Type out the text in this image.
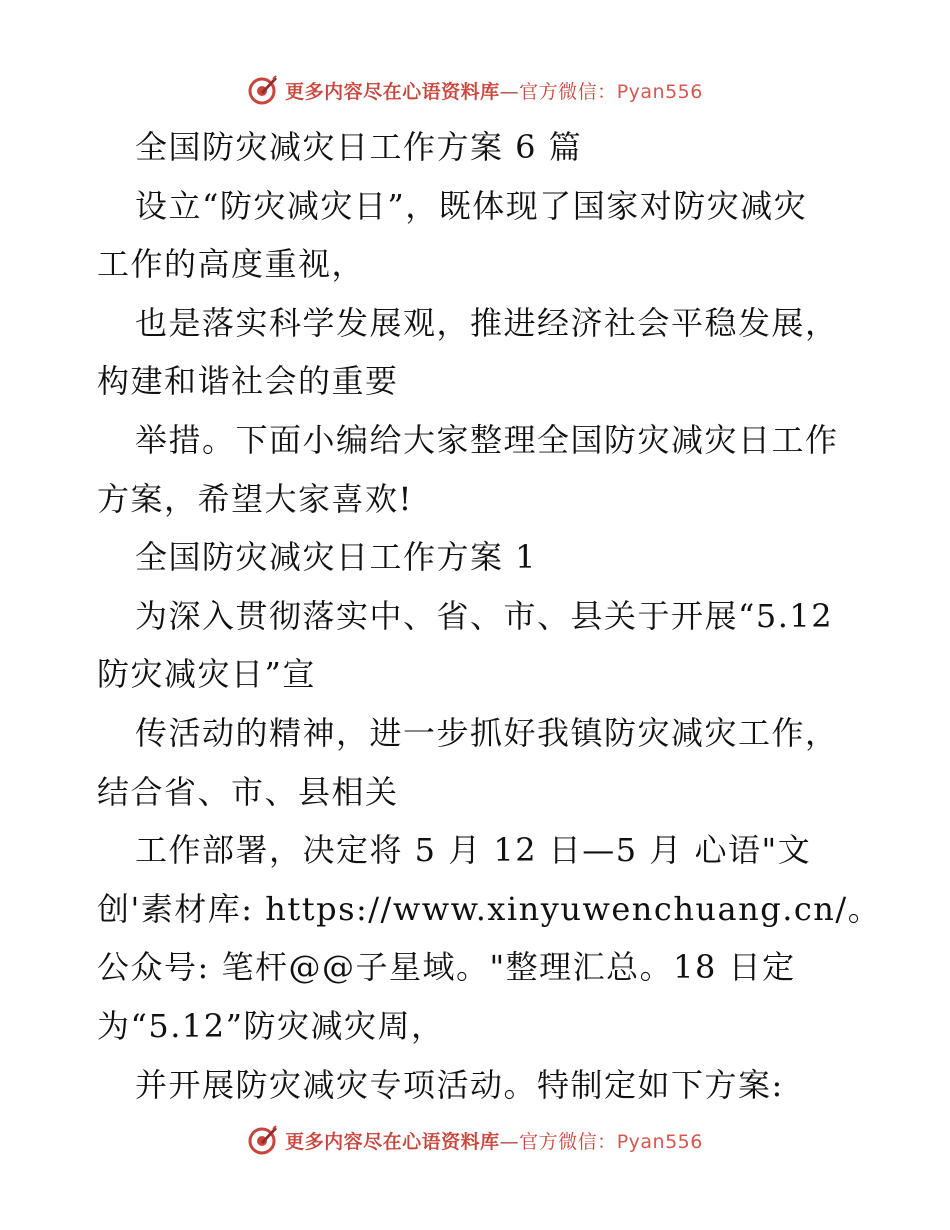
更多内容尽在心语资料库—官方微信：Pyan556
全国防灾减灾日工作方案 6 篇
设立“防灾减灾日”，既体现了国家对防灾减灾
工作的高度重视，
也是落实科学发展观，推进经济社会平稳发展，
构建和谐社会的重要
举措。下面小编给大家整理全国防灾减灾日工作
方案，希望大家喜欢!
全国防灾减灾日工作方案 1
为深入贯彻落实中、省、市、县关于开展“5.12
防灾减灾日”宣
传活动的精神，进一步抓好我镇防灾减灾工作，
结合省、市、县相关
工作部署，决定将 5 月 12 日—5 月 心语"文
创'素材库: https://www.xinyuwenchuang.cn/。
公众号: 笔杆@@子星域。"整理汇总。18 日定
为“5.12”防灾减灾周，
并开展防灾减灾专项活动。特制定如下方案:
更多内容尽在心语资料库—官方微信：Pyan556
